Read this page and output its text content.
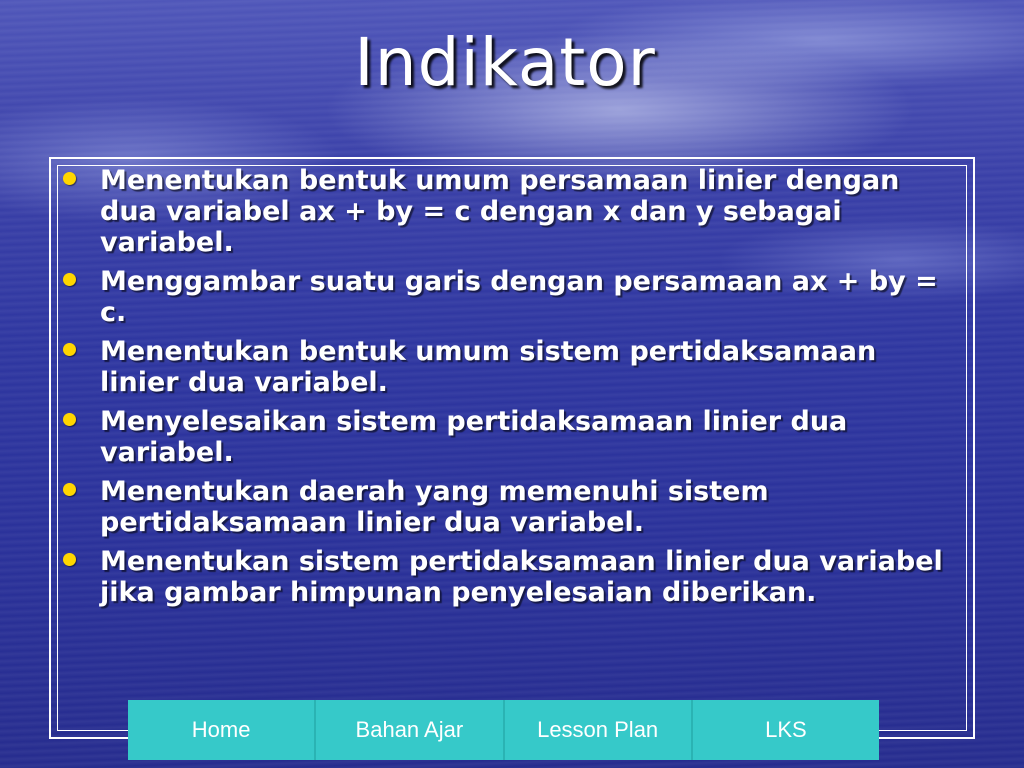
Indikator
Menentukan bentuk umum persamaan linier dengan dua variabel ax + by = c dengan x dan y sebagai variabel.
Menggambar suatu garis dengan persamaan ax + by = c.
Menentukan bentuk umum sistem pertidaksamaan linier dua variabel.
Menyelesaikan sistem pertidaksamaan linier dua variabel.
Menentukan daerah yang memenuhi sistem pertidaksamaan linier dua variabel.
Menentukan sistem pertidaksamaan linier dua variabel jika gambar himpunan penyelesaian diberikan.
Home	Bahan Ajar	Lesson Plan	LKS
